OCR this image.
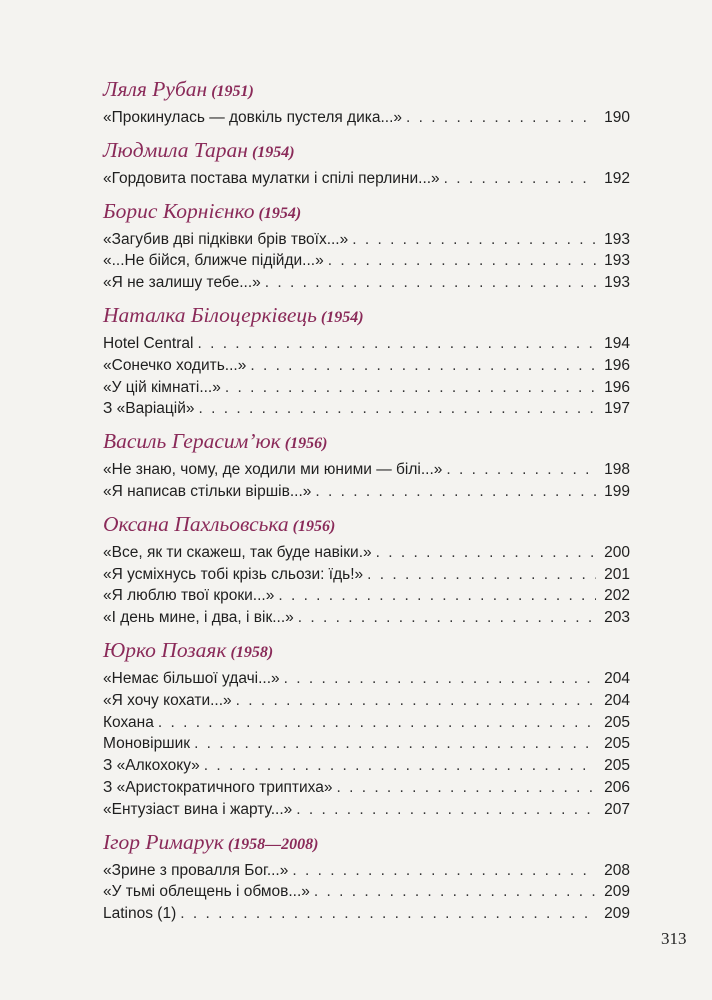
Ляля Рубан (1951)
«Прокинулась — довкіль пустеля дика...» . . .	190
Людмила Таран (1954)
«Гордовита постава мулатки і спілі перлини...» . . .	192
Борис Корнієнко (1954)
«Загубив дві підківки брів твоїх...» . . .	193
«...Не бійся, ближче підійди...» . . .	193
«Я не залишу тебе...» . . .	193
Наталка Білоцерківець (1954)
Hotel Central . . .	194
«Сонечко ходить...» . . .	196
«У цій кімнаті...» . . .	196
З «Варіацій» . . .	197
Василь Герасим’юк (1956)
«Не знаю, чому, де ходили ми юними — білі...» . . .	198
«Я написав стільки віршів...» . . .	199
Оксана Пахльовська (1956)
«Все, як ти скажеш, так буде навіки.» . . .	200
«Я усміхнусь тобі крізь сльози: їдь!» . . .	201
«Я люблю твої кроки...» . . .	202
«І день мине, і два, і вік...» . . .	203
Юрко Позаяк (1958)
«Немає більшої удачі...» . . .	204
«Я хочу кохати...» . . .	204
Кохана . . .	205
Моновіршик . . .	205
З «Алкохоку» . . .	205
З «Аристократичного триптиха» . . .	206
«Ентузіаст вина і жарту...» . . .	207
Ігор Римарук (1958—2008)
«Зрине з провалля Бог...» . . .	208
«У тьмі облещень і обмов...» . . .	209
Latinos (1) . . .	209
313
